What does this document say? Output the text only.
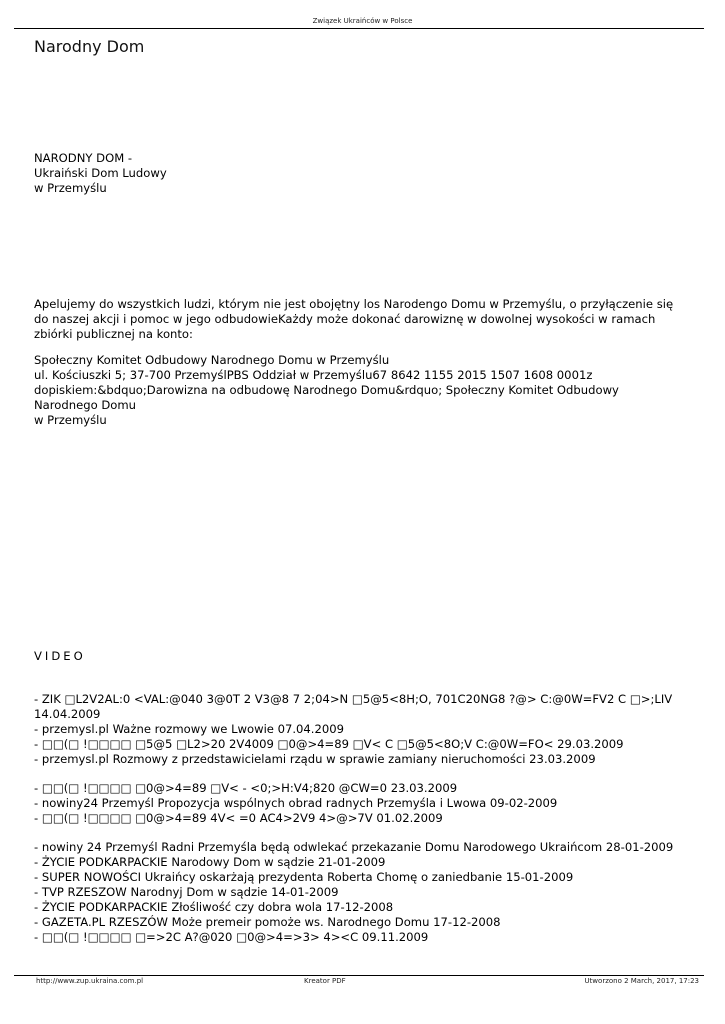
Związek Ukraińców w Polsce
Narodny Dom
NARODNY DOM -
Ukraiński Dom Ludowy
w Przemyślu
Apelujemy do wszystkich ludzi, którym nie jest obojętny los Narodengo Domu w Przemyślu, o przyłączenie się do naszej akcji i pomoc w jego odbudowieKażdy może dokonać darowiznę w dowolnej wysokości w ramach zbiórki publicznej na konto:
Społeczny Komitet Odbudowy Narodnego Domu w Przemyślu
ul. Kościuszki 5; 37-700 PrzemyślPBS Oddział w Przemyślu67 8642 1155 2015 1507 1608 0001z dopiskiem:&bdquo;Darowizna na odbudowę Narodnego Domu&rdquo; Społeczny Komitet Odbudowy Narodnego Domu
w Przemyślu
VIDEO
- ZIK □L2V2AL:0 <VAL:@040 3@0T 2 V3@8 7 2;04>N □5@5<8H;O, 701C20NG8 ?@> C:@0W=FV2 C □>;LIV 14.04.2009
- przemysl.pl Ważne rozmowy we Lwowie 07.04.2009
- □□(□ !□□□□ □5@5 □L2>20 2V4009 □0@>4=89 □V< C □5@5<8O;V C:@0W=FO< 29.03.2009
- przemysl.pl Rozmowy z przedstawicielami rządu w sprawie zamiany nieruchomości 23.03.2009
- □□(□ !□□□□ □0@>4=89 □V< - <0;>H:V4;820 @CW=0 23.03.2009
- nowiny24 Przemyśl Propozycja wspólnych obrad radnych Przemyśla i Lwowa 09-02-2009
- □□(□ !□□□□ □0@>4=89 4V< =0 AC4>2V9 4>@>7V 01.02.2009
- nowiny 24 Przemyśl Radni Przemyśla będą odwlekać przekazanie Domu Narodowego Ukraińcom 28-01-2009
- ŻYCIE PODKARPACKIE Narodowy Dom w sądzie 21-01-2009
- SUPER NOWOŚCI Ukraińcy oskarżają prezydenta Roberta Chomę o zaniedbanie 15-01-2009
- TVP RZESZOW Narodnyj Dom w sądzie 14-01-2009
- ŻYCIE PODKARPACKIE Złośliwość czy dobra wola 17-12-2008
- GAZETA.PL RZESZÓW Może premeir pomoże ws. Narodnego Domu 17-12-2008
- □□(□ !□□□□ □=>2C A?@020 □0@>4=>3> 4><C 09.11.2009
http://www.zup.ukraina.com.pl	Kreator PDF	Utworzono 2 March, 2017, 17:23
